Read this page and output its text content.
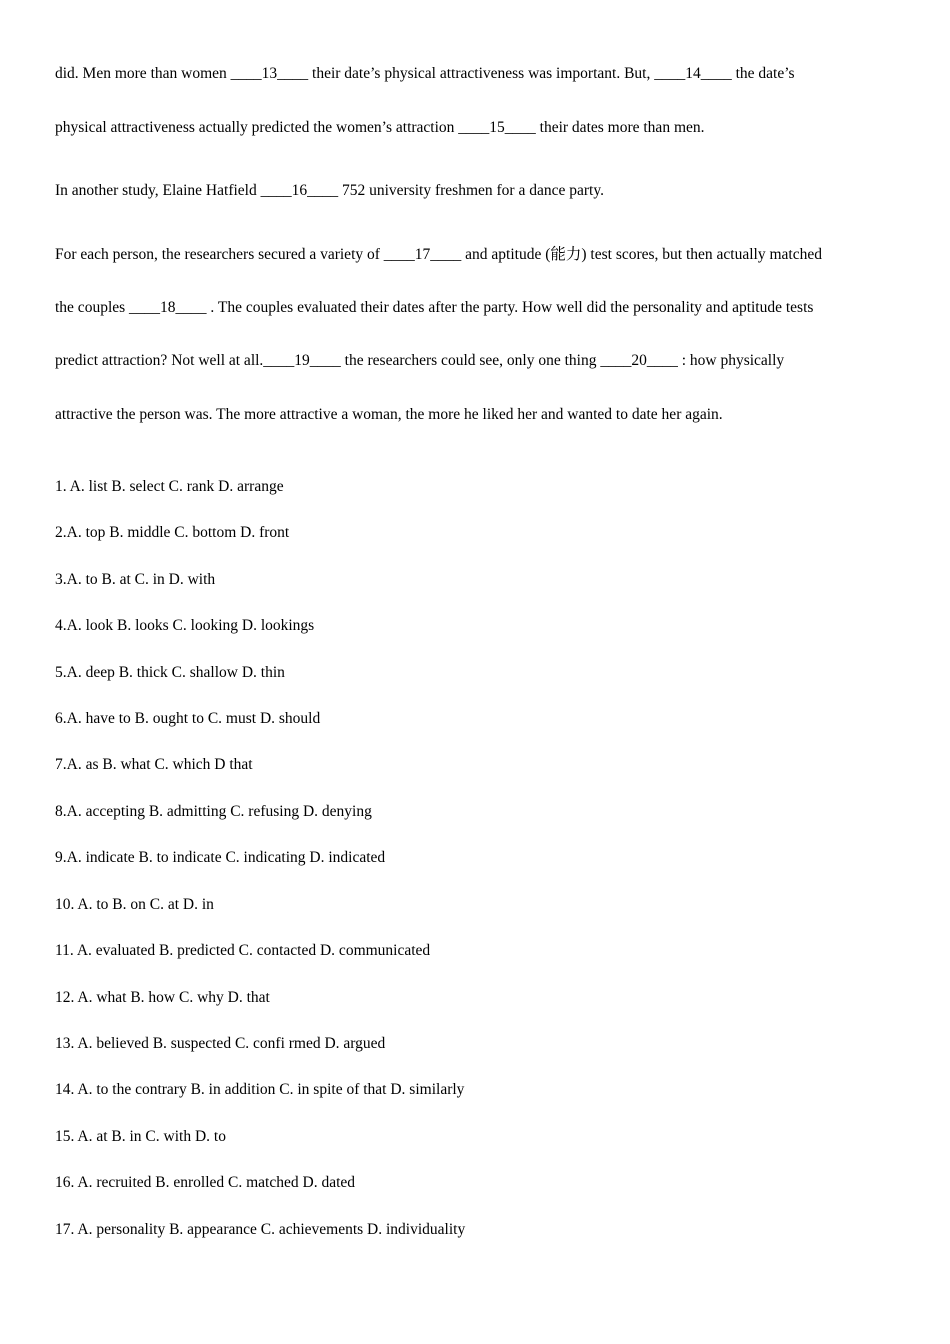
did. Men more than women ____13____ their date’s physical attractiveness was important. But, ____14____ the date’s
physical attractiveness actually predicted the women’s attraction ____15____ their dates more than men.
In another study, Elaine Hatfield ____16____ 752 university freshmen for a dance party.
For each person, the researchers secured a variety of ____17____ and aptitude (能力) test scores, but then actually matched
the couples ____18____ . The couples evaluated their dates after the party. How well did the personality and aptitude tests
predict attraction? Not well at all.____19____ the researchers could see, only one thing ____20____ : how physically
attractive the person was. The more attractive a woman, the more he liked her and wanted to date her again.
1. A. list B. select C. rank D. arrange
2.A. top B. middle C. bottom D. front
3.A. to B. at C. in D. with
4.A. look B. looks C. looking D. lookings
5.A. deep B. thick C. shallow D. thin
6.A. have to B. ought to C. must D. should
7.A. as B. what C. which D that
8.A. accepting B. admitting C. refusing D. denying
9.A. indicate B. to indicate C. indicating D. indicated
10. A. to B. on C. at D. in
11. A. evaluated B. predicted C. contacted D. communicated
12. A. what B. how C. why D. that
13. A. believed B. suspected C. confi rmed D. argued
14. A. to the contrary B. in addition C. in spite of that D. similarly
15. A. at B. in C. with D. to
16. A. recruited B. enrolled C. matched D. dated
17. A. personality B. appearance C. achievements D. individuality
